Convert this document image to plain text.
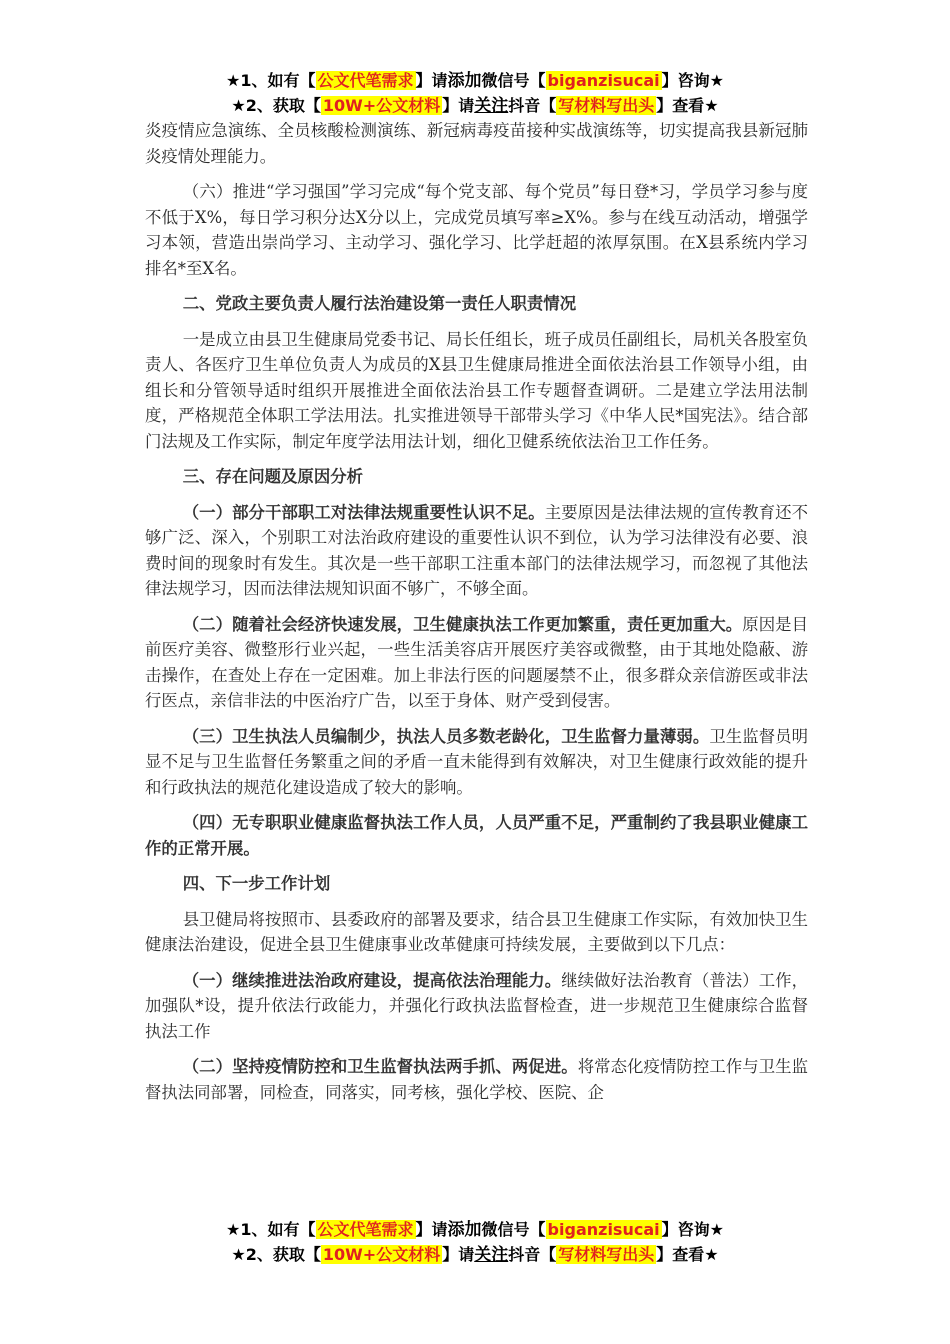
★1、如有【 公文代笔需求 】请添加微信号【 biganzisucai 】咨询★
★2、获取【 10W+公文材料 】请关注抖音【 写材料写出头 】查看★

炎疫情应急演练、全员核酸检测演练、新冠病毒疫苗接种实战演练等，切实提高我县新冠肺炎疫情处理能力。

（六）推进“学习强国”学习完成“每个党支部、每个党员”每日登*习，学员学习参与度不低于X%，每日学习积分达X分以上，完成党员填写率≥X%。参与在线互动活动，增强学习本领，营造出崇尚学习、主动学习、强化学习、比学赶超的浓厚氛围。在X县系统内学习排名*至X名。

二、党政主要负责人履行法治建设第一责任人职责情况

一是成立由县卫生健康局党委书记、局长任组长，班子成员任副组长，局机关各股室负责人、各医疗卫生单位负责人为成员的X县卫生健康局推进全面依法治县工作领导小组，由组长和分管领导适时组织开展推进全面依法治县工作专题督查调研。二是建立学法用法制度，严格规范全体职工学法用法。扎实推进领导干部带头学习《中华人民*国宪法》。结合部门法规及工作实际，制定年度学法用法计划，细化卫健系统依法治卫工作任务。

三、存在问题及原因分析

（一）部分干部职工对法律法规重要性认识不足。主要原因是法律法规的宣传教育还不够广泛、深入，个别职工对法治政府建设的重要性认识不到位，认为学习法律没有必要、浪费时间的现象时有发生。其次是一些干部职工注重本部门的法律法规学习，而忽视了其他法律法规学习，因而法律法规知识面不够广，不够全面。

（二）随着社会经济快速发展，卫生健康执法工作更加繁重，责任更加重大。原因是目前医疗美容、微整形行业兴起，一些生活美容店开展医疗美容或微整，由于其地处隐蔽、游击操作，在查处上存在一定困难。加上非法行医的问题屡禁不止，很多群众亲信游医或非法行医点，亲信非法的中医治疗广告，以至于身体、财产受到侵害。

（三）卫生执法人员编制少，执法人员多数老龄化，卫生监督力量薄弱。卫生监督员明显不足与卫生监督任务繁重之间的矛盾一直未能得到有效解决，对卫生健康行政效能的提升和行政执法的规范化建设造成了较大的影响。

（四）无专职职业健康监督执法工作人员，人员严重不足，严重制约了我县职业健康工作的正常开展。

四、下一步工作计划

县卫健局将按照市、县委政府的部署及要求，结合县卫生健康工作实际，有效加快卫生健康法治建设，促进全县卫生健康事业改革健康可持续发展，主要做到以下几点：

（一）继续推进法治政府建设，提高依法治理能力。继续做好法治教育（普法）工作，加强队*设，提升依法行政能力，并强化行政执法监督检查，进一步规范卫生健康综合监督执法工作

（二）坚持疫情防控和卫生监督执法两手抓、两促进。将常态化疫情防控工作与卫生监督执法同部署，同检查，同落实，同考核，强化学校、医院、企

★1、如有【 公文代笔需求 】请添加微信号【 biganzisucai 】咨询★
★2、获取【 10W+公文材料 】请关注抖音【 写材料写出头 】查看★
